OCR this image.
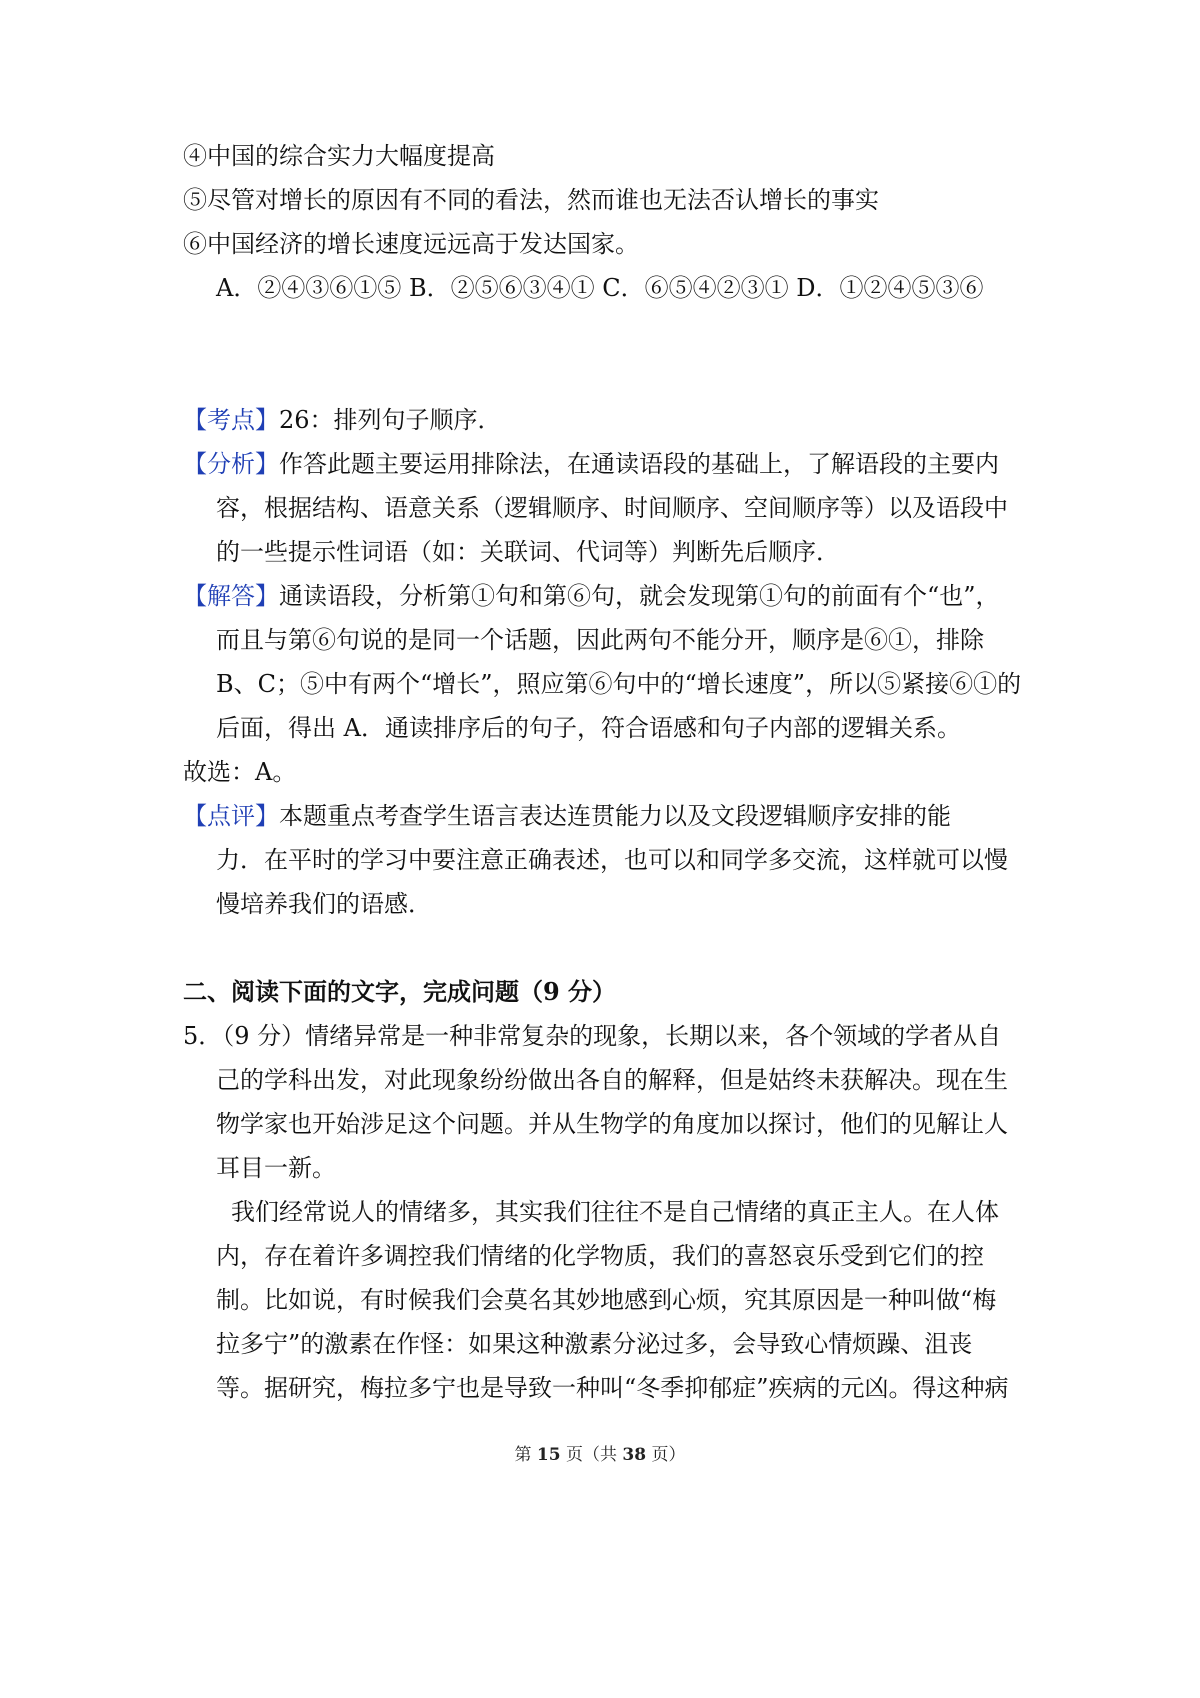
④中国的综合实力大幅度提高
⑤尽管对增长的原因有不同的看法，然而谁也无法否认增长的事实
⑥中国经济的增长速度远远高于发达国家。
A．②④③⑥①⑤ B．②⑤⑥③④① C．⑥⑤④②③① D．①②④⑤③⑥
【考点】26：排列句子顺序．
【分析】作答此题主要运用排除法，在通读语段的基础上，了解语段的主要内
容，根据结构、语意关系（逻辑顺序、时间顺序、空间顺序等）以及语段中
的一些提示性词语（如：关联词、代词等）判断先后顺序．
【解答】通读语段，分析第①句和第⑥句，就会发现第①句的前面有个“也”，
而且与第⑥句说的是同一个话题，因此两句不能分开，顺序是⑥①，排除
B、C；⑤中有两个“增长”，照应第⑥句中的“增长速度”，所以⑤紧接⑥①的
后面，得出 A．通读排序后的句子，符合语感和句子内部的逻辑关系。
故选：A。
【点评】本题重点考查学生语言表达连贯能力以及文段逻辑顺序安排的能
力．在平时的学习中要注意正确表述，也可以和同学多交流，这样就可以慢
慢培养我们的语感．
二、阅读下面的文字，完成问题（9 分）
5．（9 分）情绪异常是一种非常复杂的现象，长期以来，各个领域的学者从自
己的学科出发，对此现象纷纷做出各自的解释，但是姑终未获解决。现在生
物学家也开始涉足这个问题。并从生物学的角度加以探讨，他们的见解让人
耳目一新。
我们经常说人的情绪多，其实我们往往不是自己情绪的真正主人。在人体
内，存在着许多调控我们情绪的化学物质，我们的喜怒哀乐受到它们的控
制。比如说，有时候我们会莫名其妙地感到心烦，究其原因是一种叫做“梅
拉多宁”的激素在作怪：如果这种激素分泌过多，会导致心情烦躁、沮丧
等。据研究，梅拉多宁也是导致一种叫“冬季抑郁症”疾病的元凶。得这种病
第 15 页（共 38 页）
